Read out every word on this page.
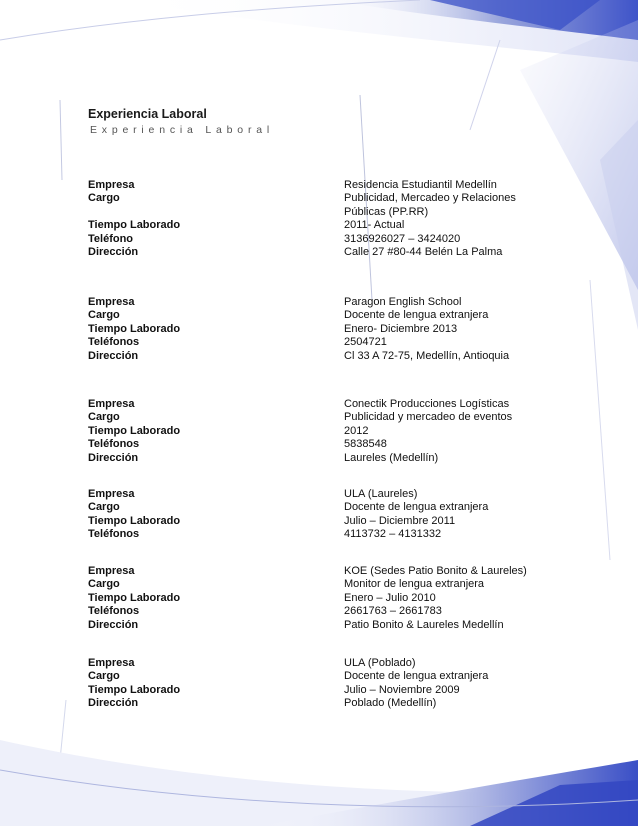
Experiencia Laboral
Experiencia Laboral
Empresa	Residencia Estudiantil Medellín
Cargo	Publicidad, Mercadeo y Relaciones Públicas (PP.RR)
Tiempo Laborado	2011- Actual
Teléfono	3136926027 – 3424020
Dirección	Calle 27 #80-44 Belén La Palma
Empresa	Paragon English School
Cargo	Docente de lengua extranjera
Tiempo Laborado	Enero- Diciembre 2013
Teléfonos	2504721
Dirección	Cl 33 A 72-75, Medellín, Antioquia
Empresa	Conectik Producciones Logísticas
Cargo	Publicidad y mercadeo de eventos
Tiempo Laborado	2012
Teléfonos	5838548
Dirección	Laureles (Medellín)
Empresa	ULA (Laureles)
Cargo	Docente de lengua extranjera
Tiempo Laborado	Julio – Diciembre 2011
Teléfonos	4113732 – 4131332
Empresa	KOE (Sedes Patio Bonito & Laureles)
Cargo	Monitor de lengua extranjera
Tiempo Laborado	Enero – Julio 2010
Teléfonos	2661763 – 2661783
Dirección	Patio Bonito & Laureles Medellín
Empresa	ULA (Poblado)
Cargo	Docente de lengua extranjera
Tiempo Laborado	Julio – Noviembre 2009
Dirección	Poblado (Medellín)
